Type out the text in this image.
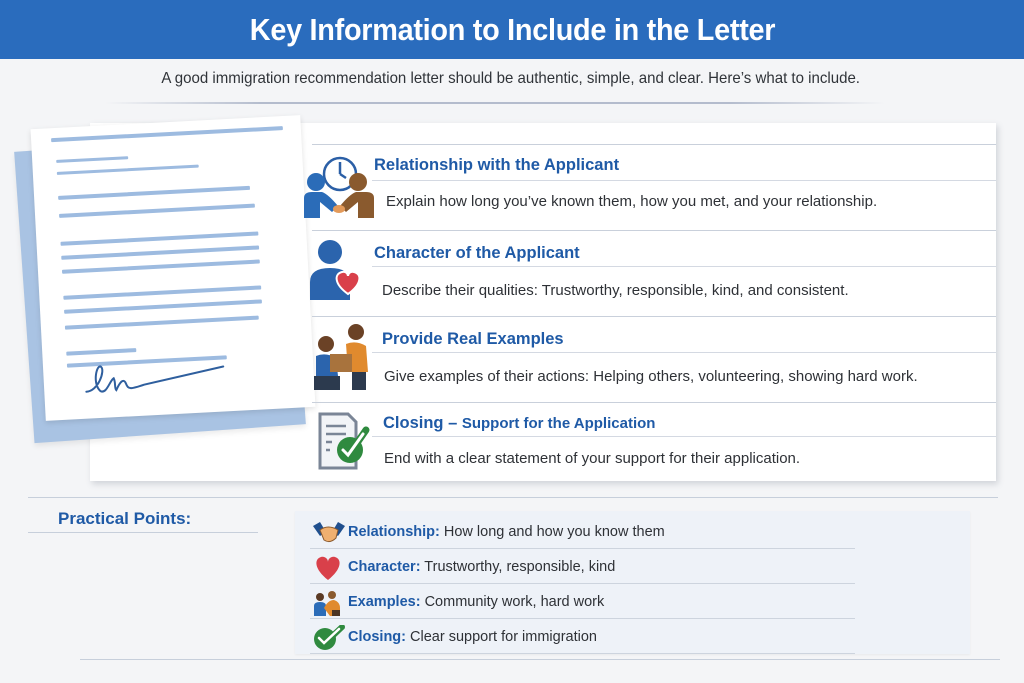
Key Information to Include in the Letter
A good immigration recommendation letter should be authentic, simple, and clear. Here’s what to include.
Relationship with the Applicant
Explain how long you’ve known them, how you met, and your relationship.
Character of the Applicant
Describe their qualities: Trustworthy, responsible, kind, and consistent.
Provide Real Examples
Give examples of their actions: Helping others, volunteering, showing hard work.
Closing – Support for the Application
End with a clear statement of your support for their application.
Practical Points:
Relationship: How long and how you know them
Character: Trustworthy, responsible, kind
Examples: Community work, hard work
Closing: Clear support for immigration
